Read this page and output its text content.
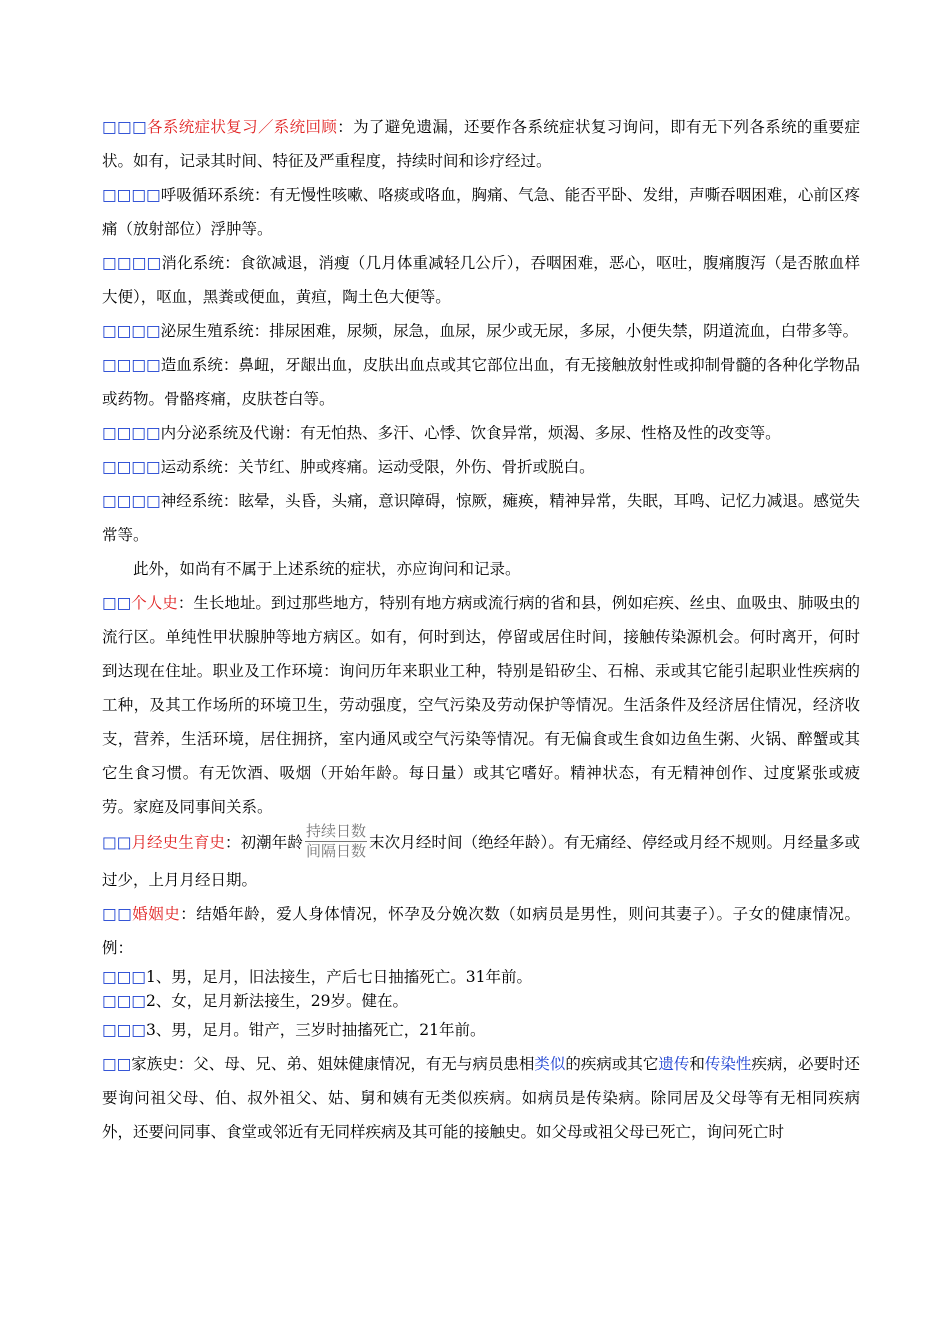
□□□各系统症状复习／系统回顾：为了避免遗漏，还要作各系统症状复习询问，即有无下列各系统的重要症状。如有，记录其时间、特征及严重程度，持续时间和诊疗经过。

□□□□呼吸循环系统：有无慢性咳嗽、咯痰或咯血，胸痛、气急、能否平卧、发绀，声嘶吞咽困难，心前区疼痛（放射部位）浮肿等。

□□□□消化系统：食欲减退，消瘦（几月体重减轻几公斤），吞咽困难，恶心，呕吐，腹痛腹泻（是否脓血样大便），呕血，黑粪或便血，黄疸，陶土色大便等。

□□□□泌尿生殖系统：排尿困难，尿频，尿急，血尿，尿少或无尿，多尿，小便失禁，阴道流血，白带多等。

□□□□造血系统：鼻衄，牙龈出血，皮肤出血点或其它部位出血，有无接触放射性或抑制骨髓的各种化学物品或药物。骨骼疼痛，皮肤苍白等。

□□□□内分泌系统及代谢：有无怕热、多汗、心悸、饮食异常，烦渴、多尿、性格及性的改变等。

□□□□运动系统：关节红、肿或疼痛。运动受限，外伤、骨折或脱白。

□□□□神经系统：眩晕，头昏，头痛，意识障碍，惊厥，瘫痪，精神异常，失眠，耳鸣、记忆力减退。感觉失常等。

此外，如尚有不属于上述系统的症状，亦应询问和记录。

□□个人史：生长地址。到过那些地方，特别有地方病或流行病的省和县，例如疟疾、丝虫、血吸虫、肺吸虫的流行区。单纯性甲状腺肿等地方病区。如有，何时到达，停留或居住时间，接触传染源机会。何时离开，何时到达现在住址。职业及工作环境：询问历年来职业工种，特别是铅矽尘、石棉、汞或其它能引起职业性疾病的工种，及其工作场所的环境卫生，劳动强度，空气污染及劳动保护等情况。生活条件及经济居住情况，经济收支，营养，生活环境，居住拥挤，室内通风或空气污染等情况。有无偏食或生食如边鱼生粥、火锅、醉蟹或其它生食习惯。有无饮酒、吸烟（开始年龄。每日量）或其它嗜好。精神状态，有无精神创作、过度紧张或疲劳。家庭及同事间关系。

□□月经史生育史：初潮年龄 $\frac{\text{持续日数}}{\text{间隔日数}}$ 末次月经时间（绝经年龄）。有无痛经、停经或月经不规则。月经量多或过少，上月月经日期。

□□婚姻史：结婚年龄，爱人身体情况，怀孕及分娩次数（如病员是男性，则问其妻子）。子女的健康情况。例：

□□□1、男，足月，旧法接生，产后七日抽搐死亡。31年前。

□□□2、女，足月新法接生，29岁。健在。

□□□3、男，足月。钳产，三岁时抽搐死亡，21年前。

□□家族史：父、母、兄、弟、姐妹健康情况，有无与病员患相类似的疾病或其它遗传和传染性疾病，必要时还要询问祖父母、伯、叔外祖父、姑、舅和姨有无类似疾病。如病员是传染病。除同居及父母等有无相同疾病外，还要问同事、食堂或邻近有无同样疾病及其可能的接触史。如父母或祖父母已死亡，询问死亡时
